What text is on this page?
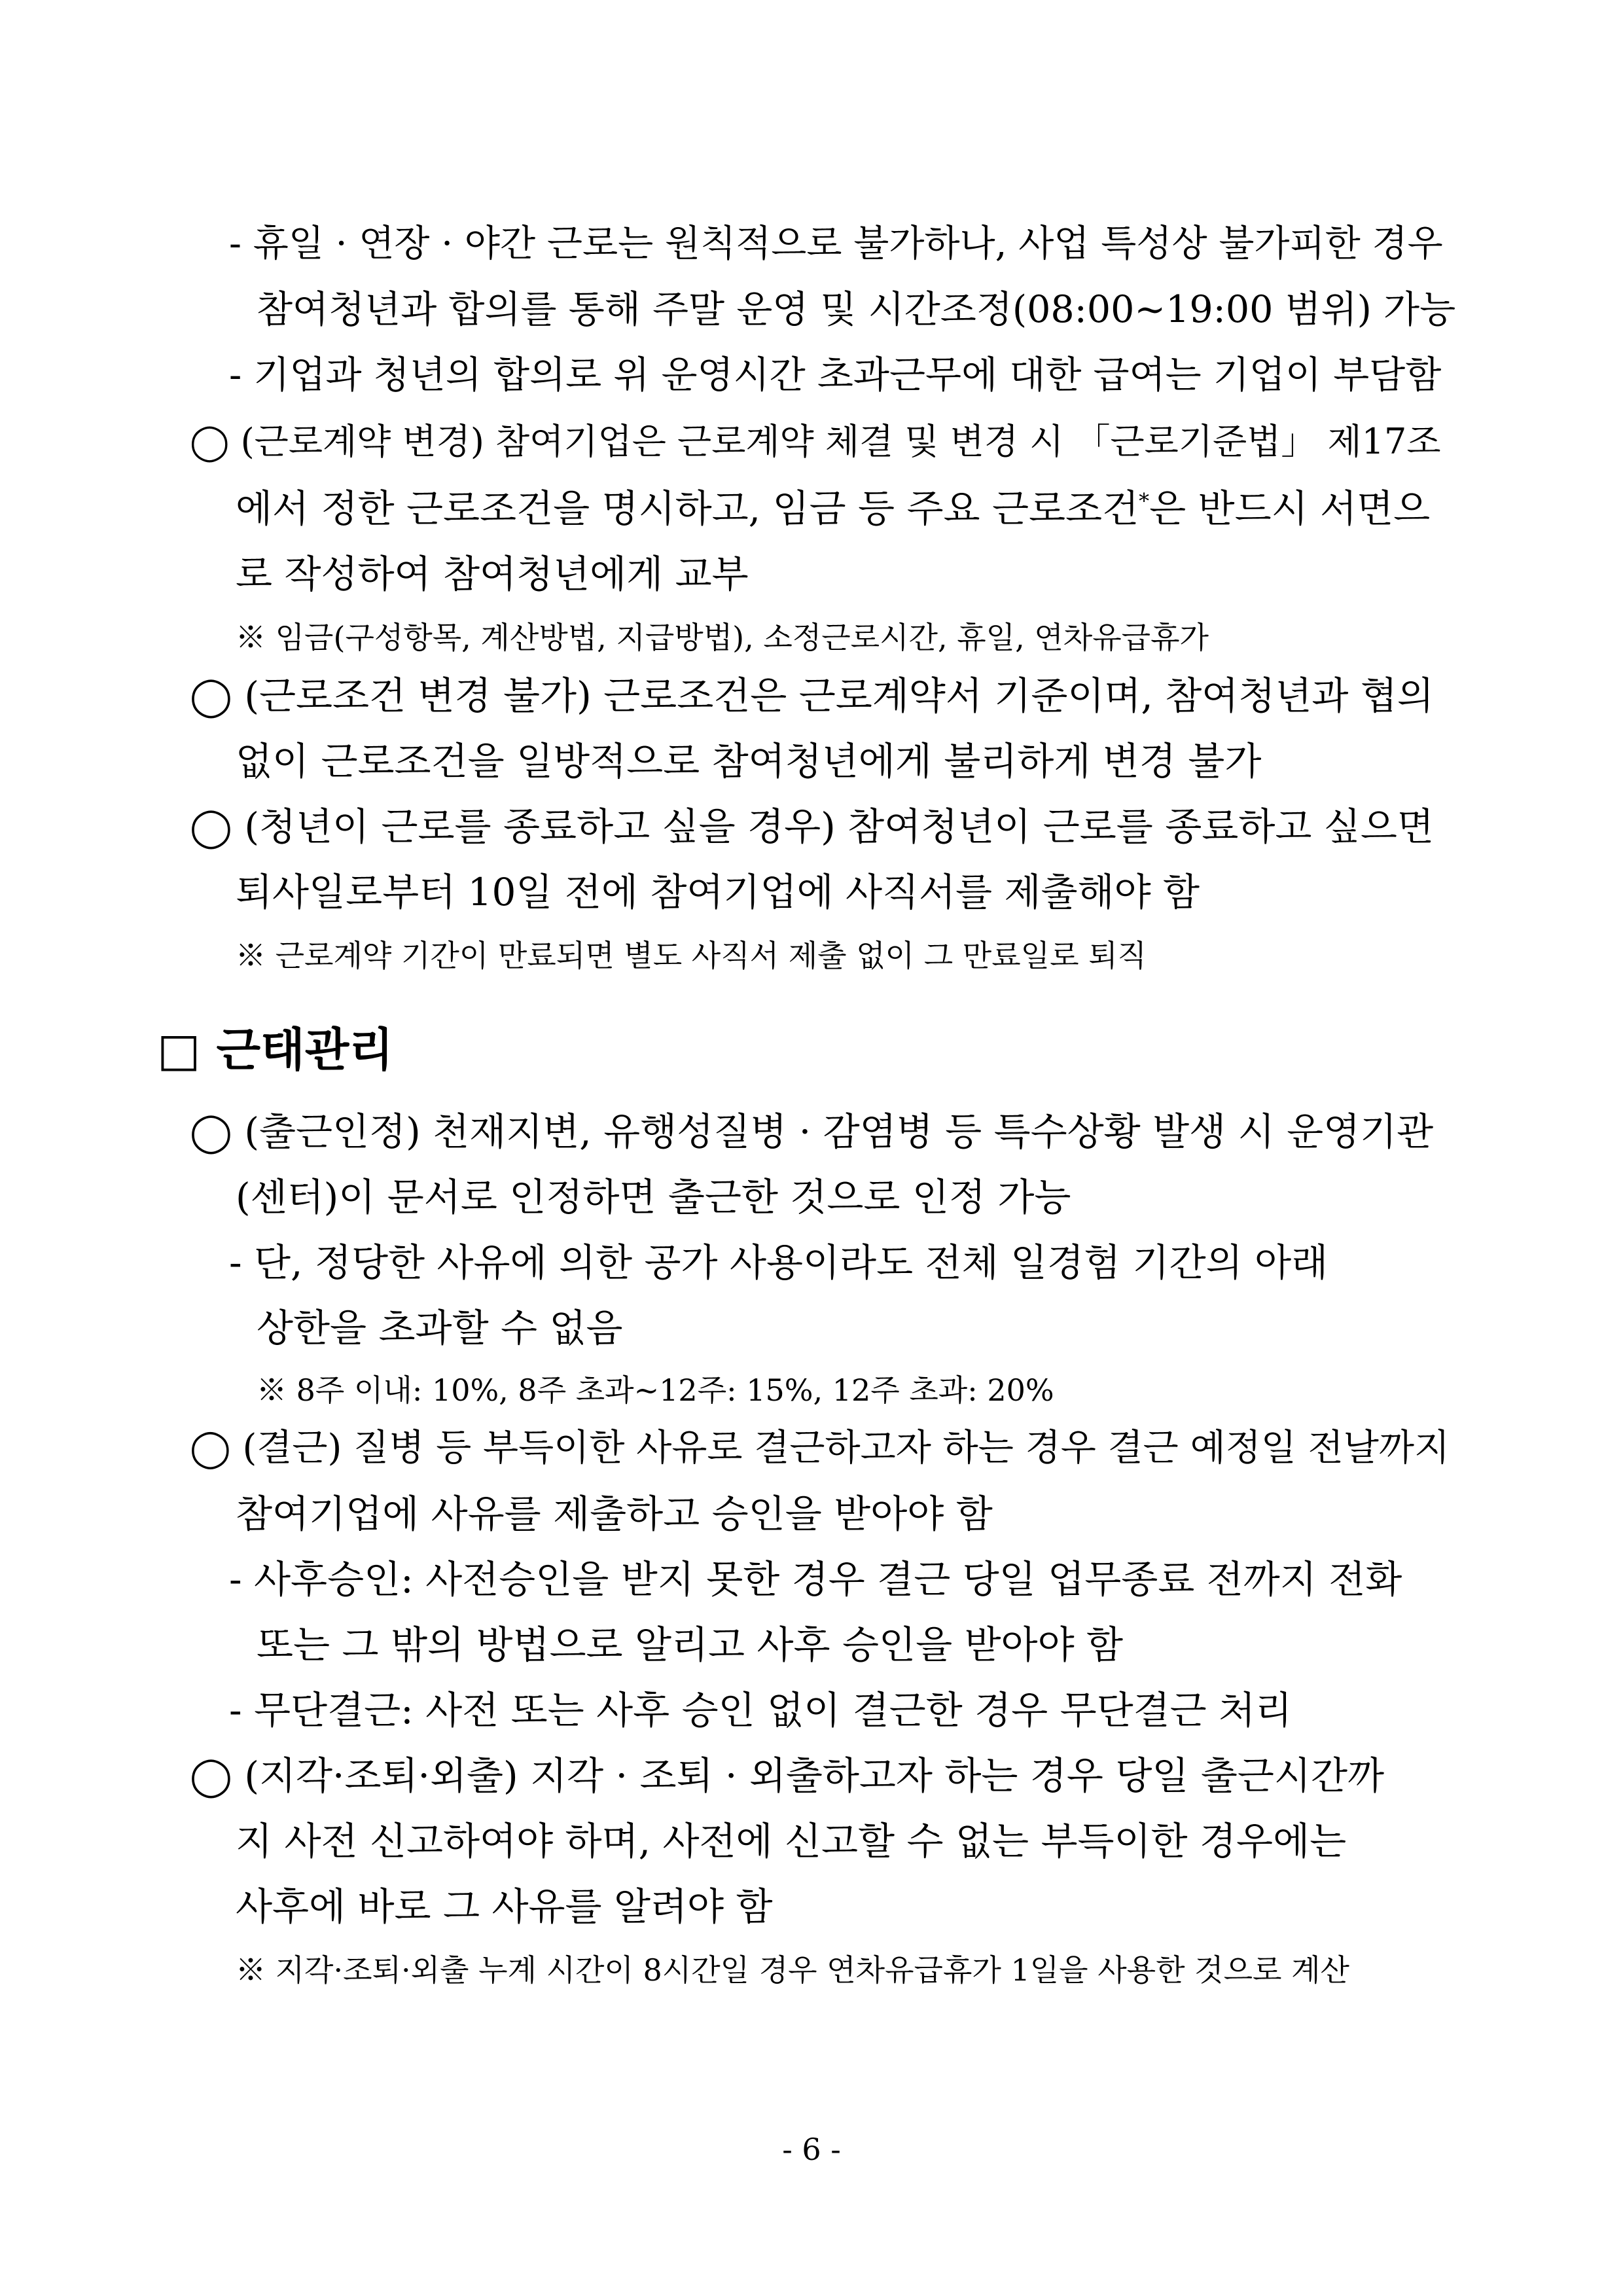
- 휴일 · 연장 · 야간 근로는 원칙적으로 불가하나, 사업 특성상 불가피한 경우
참여청년과 합의를 통해 주말 운영 및 시간조정(08:00~19:00 범위) 가능
- 기업과 청년의 합의로 위 운영시간 초과근무에 대한 급여는 기업이 부담함
◯ (근로계약 변경) 참여기업은 근로계약 체결 및 변경 시 「근로기준법」 제17조
에서 정한 근로조건을 명시하고, 임금 등 주요 근로조건*은 반드시 서면으
로 작성하여 참여청년에게 교부
※ 임금(구성항목, 계산방법, 지급방법), 소정근로시간, 휴일, 연차유급휴가
◯ (근로조건 변경 불가) 근로조건은 근로계약서 기준이며, 참여청년과 협의
없이 근로조건을 일방적으로 참여청년에게 불리하게 변경 불가
◯ (청년이 근로를 종료하고 싶을 경우) 참여청년이 근로를 종료하고 싶으면
퇴사일로부터 10일 전에 참여기업에 사직서를 제출해야 함
※ 근로계약 기간이 만료되면 별도 사직서 제출 없이 그 만료일로 퇴직
□ 근태관리
◯ (출근인정) 천재지변, 유행성질병 · 감염병 등 특수상황 발생 시 운영기관
(센터)이 문서로 인정하면 출근한 것으로 인정 가능
- 단, 정당한 사유에 의한 공가 사용이라도 전체 일경험 기간의 아래
상한을 초과할 수 없음
※ 8주 이내: 10%, 8주 초과~12주: 15%, 12주 초과: 20%
◯ (결근) 질병 등 부득이한 사유로 결근하고자 하는 경우 결근 예정일 전날까지
참여기업에 사유를 제출하고 승인을 받아야 함
- 사후승인: 사전승인을 받지 못한 경우 결근 당일 업무종료 전까지 전화
또는 그 밖의 방법으로 알리고 사후 승인을 받아야 함
- 무단결근: 사전 또는 사후 승인 없이 결근한 경우 무단결근 처리
◯ (지각·조퇴·외출) 지각 · 조퇴 · 외출하고자 하는 경우 당일 출근시간까
지 사전 신고하여야 하며, 사전에 신고할 수 없는 부득이한 경우에는
사후에 바로 그 사유를 알려야 함
※ 지각·조퇴·외출 누계 시간이 8시간일 경우 연차유급휴가 1일을 사용한 것으로 계산
- 6 -
